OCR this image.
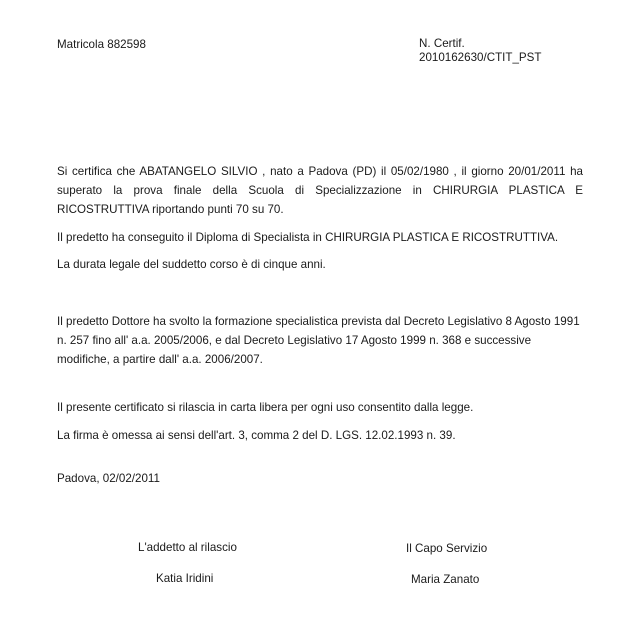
Matricola 882598	N. Certif.
2010162630/CTIT_PST

Si certifica che ABATANGELO SILVIO , nato a Padova (PD) il 05/02/1980 , il giorno 20/01/2011 ha superato la prova finale della Scuola di Specializzazione in CHIRURGIA PLASTICA E RICOSTRUTTIVA riportando punti 70 su 70.

Il predetto ha conseguito il Diploma di Specialista in CHIRURGIA PLASTICA E RICOSTRUTTIVA.

La durata legale del suddetto corso è di cinque anni.

Il predetto Dottore ha svolto la formazione specialistica prevista dal Decreto Legislativo 8 Agosto 1991 n. 257 fino all' a.a. 2005/2006, e dal Decreto Legislativo 17 Agosto 1999 n. 368 e successive modifiche, a partire dall' a.a. 2006/2007.

Il presente certificato si rilascia in carta libera per ogni uso consentito dalla legge.

La firma è omessa ai sensi dell'art. 3, comma 2 del D. LGS. 12.02.1993 n. 39.

Padova, 02/02/2011
L'addetto al rilascio
Katia Iridini
Il Capo Servizio
Maria Zanato
